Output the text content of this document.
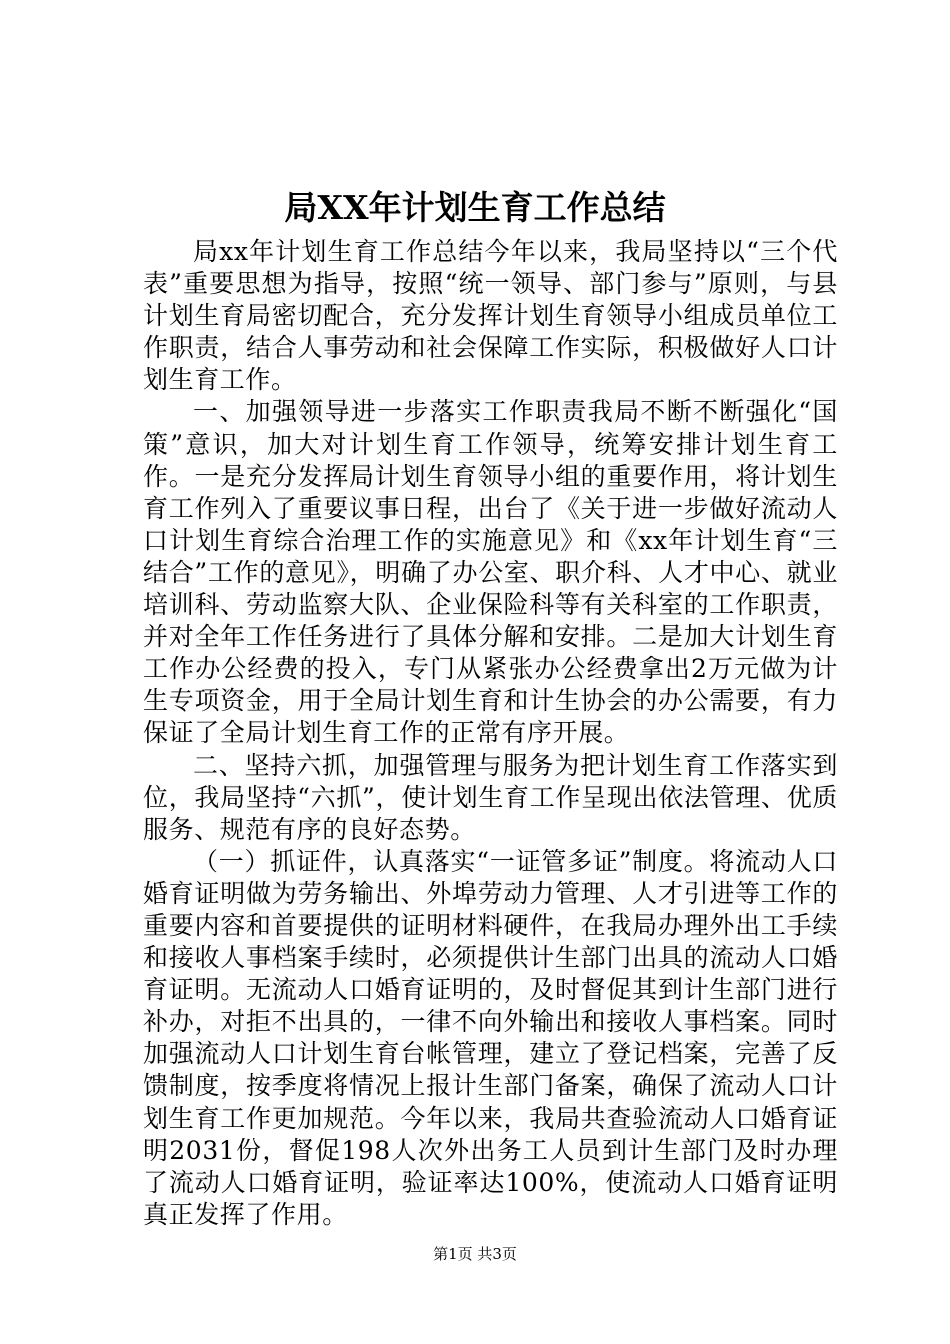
局XX年计划生育工作总结

局xx年计划生育工作总结今年以来，我局坚持以“三个代表”重要思想为指导，按照“统一领导、部门参与”原则，与县计划生育局密切配合，充分发挥计划生育领导小组成员单位工作职责，结合人事劳动和社会保障工作实际，积极做好人口计划生育工作。

一、加强领导进一步落实工作职责我局不断不断强化“国策”意识，加大对计划生育工作领导，统筹安排计划生育工作。一是充分发挥局计划生育领导小组的重要作用，将计划生育工作列入了重要议事日程，出台了《关于进一步做好流动人口计划生育综合治理工作的实施意见》和《xx年计划生育“三结合”工作的意见》，明确了办公室、职介科、人才中心、就业培训科、劳动监察大队、企业保险科等有关科室的工作职责，并对全年工作任务进行了具体分解和安排。二是加大计划生育工作办公经费的投入，专门从紧张办公经费拿出2万元做为计生专项资金，用于全局计划生育和计生协会的办公需要，有力保证了全局计划生育工作的正常有序开展。

二、坚持六抓，加强管理与服务为把计划生育工作落实到位，我局坚持“六抓”，使计划生育工作呈现出依法管理、优质服务、规范有序的良好态势。

（一）抓证件，认真落实“一证管多证”制度。将流动人口婚育证明做为劳务输出、外埠劳动力管理、人才引进等工作的重要内容和首要提供的证明材料硬件，在我局办理外出工手续和接收人事档案手续时，必须提供计生部门出具的流动人口婚育证明。无流动人口婚育证明的，及时督促其到计生部门进行补办，对拒不出具的，一律不向外输出和接收人事档案。同时加强流动人口计划生育台帐管理，建立了登记档案，完善了反馈制度，按季度将情况上报计生部门备案，确保了流动人口计划生育工作更加规范。今年以来，我局共查验流动人口婚育证明2031份，督促198人次外出务工人员到计生部门及时办理了流动人口婚育证明，验证率达100%，使流动人口婚育证明真正发挥了作用。

第1页 共3页
